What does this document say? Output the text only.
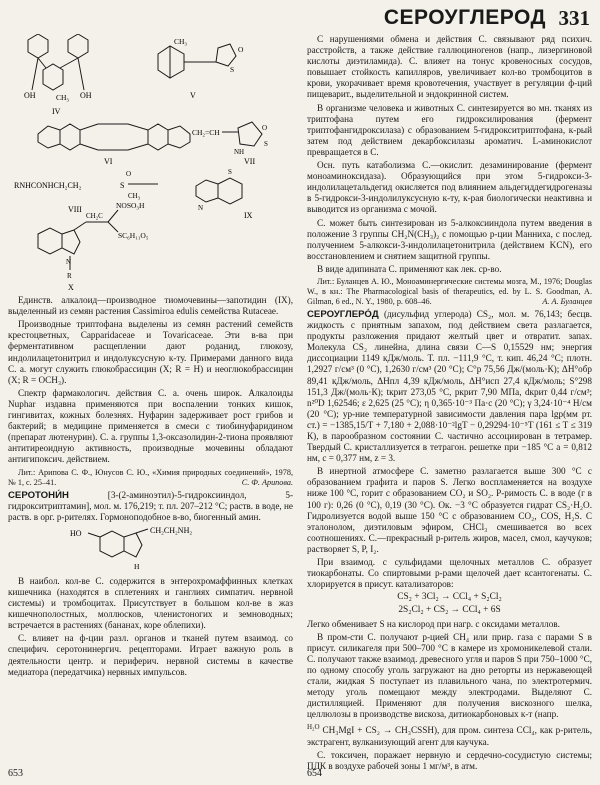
СЕРОУГЛЕРОД 331
OH	OH
CH₃
IV
CH₃
S
O
V
VI
CH₂=CH
NH
O
S
VII
RNHCONHCH₂CH₂	S
O
CH₃
VIII
S
N
IX
NOSO₃H
CH₂C
SC₆H₁₁O₅
N
R
X

Единств. алкалоид—производное тиомочевины—запотидин (IX), выделенный из семян растения Cassimiroa edulis семейства Rutaceae.

Производные триптофана выделены из семян растений семейств крестоцветных, Capparidaceae и Tovaricaceae. Эти в-ва при ферментативном расщеплении дают роданид, глюкозу, индолилацетонитрил и индолуксусную к-ту. Примерами данного вида С. а. могут служить глюкобрассицин (X; R = H) и неоглюкобрассицин (X; R = OCH₃).

Спектр фармакологич. действия С. а. очень широк. Алкалоиды Nuphar издавна применяются при воспалении тонких кишок, гингивитах, кожных болезнях. Нуфарин задерживает рост грибов и бактерий; в медицине применяется в смеси с тиобинуфаридином (препарат лютенурин). С. а. группы 1,3-оксазолидин-2-тиона проявляют антитиреоидную активность, производные мочевины обладают антигипоксич. действием.

Лит.: Арипова С. Ф., Юнусов С. Ю., «Химия природных соединений», 1978, № 1, с. 25–41.	С. Ф. Арипова.

СЕРОТОНИ́Н	[3-(2-аминоэтил)-5-гидроксииндол, 5-гидрокситриптамин], мол. м. 176,219; т. пл. 207–212 °С; раств. в воде, не раств. в орг. р-рителях. Гормоноподобное в-во, биогенный амин.

HO	CH₂CH₂NH₂
H

В наибол. кол-ве С. содержится в энтерохромаффинных клетках кишечника (находятся в сплетениях и ганглиях симпатич. нервной системы) и тромбоцитах. Присутствует в большом кол-ве в жаз кишечнополостных, моллюсков, членистоногих и земноводных; встречается в растениях (бананах, коре облепихи).

С. влияет на ф-ции разл. органов и тканей путем взаимод. со специфич. серотонинергич. рецепторами. Играет важную роль в деятельности центр. и периферич. нервной системы в качестве медиатора (передатчика) нервных импульсов.

С нарушениями обмена и действия С. связывают ряд психич. расстройств, а также действие галлюциногенов (напр., лизергиновой кислоты диэтиламида). С. влияет на тонус кровеносных сосудов, повышает стойкость капилляров, увеличивает кол-во тромбоцитов в крови, укорачивает время кровотечения, участвует в регуляции ф-ций пищеварит., выделительной и эндокринной систем.

В организме человека и животных С. синтезируется во мн. тканях из триптофана путем его гидроксилирования (фермент триптофангидроксилаза) с образованием 5-гидрокситриптофана, к-рый затем под действием декарбоксилазы ароматич. L-аминокислот превращается в С.

Осн. путь катаболизма С.—окислит. дезаминирование (фермент моноаминоксидаза). Образующийся при этом 5-гидрокси-3-индолилацетальдегид окисляется под влиянием альдегиддегидрогеназы в 5-гидрокси-3-индолилуксусную к-ту, к-рая биологически неактивна и выводится из организма с мочой.

С. может быть синтезирован из 5-алкоксииндола путем введения в положение 3 группы CH₂N(CH₃)₂ с помощью р-ции Манниха, с послед. получением 5-алкокси-3-индолилацетонитрила (действием KCN), его восстановлением и снятием защитной группы.

В виде адипината С. применяют как лек. ср-во.

Лит.: Буланцев А. Ю., Моноаминергические системы мозга, М., 1976; Douglas W., в кн.: The Pharmacological basis of therapeutics, ed. by L. S. Goodman, A. Gilman, 6 ed., N. Y., 1980, p. 608–46.	А. А. Буланцев

СЕРОУГЛЕРО́Д (дисульфид углерода) CS₂, мол. м. 76,143; бесцв. жидкость с приятным запахом, под действием света разлагается, продукты разложения придают желтый цвет и отвратит. запах. Молекула CS₂ линейна, длина связи С—S 0,15529 нм; энергия диссоциации 1149 кДж/моль. Т. пл. −111,9 °С, т. кип. 46,24 °С; плотн. 1,2927 г/см³ (0 °С), 1,2630 г/см³ (20 °С); C°p 75,56 Дж/(моль·К); ΔH°обр 89,41 кДж/моль, ΔHпл 4,39 кДж/моль, ΔH°исп 27,4 кДж/моль; S°298 151,3 Дж/(моль·К); tкрит 273,05 °С, pкрит 7,90 МПа, dкрит 0,44 г/см³; n²⁰D 1,62546; ε 2,625 (25 °С); η 0,365·10⁻³ Па·с (20 °С); γ 3,24·10⁻⁴ Н/см (20 °С); ур-ние температурной зависимости давления пара lgp(мм рт. ст.) = −1385,15/T + 7,180 + 2,088·10⁻²lgT − 0,29294·10⁻⁵T (161 ≤ T ≤ 319 К), в парообразном состоянии С. частично ассоциирован в тетрамер. Твердый С. кристаллизуется в тетрагон. решетке при −185 °С а = 0,812 нм, с = 0,377 нм, z = 3.

В инертной атмосфере С. заметно разлагается выше 300 °С с образованием графита и паров S. Легко воспламеняется на воздухе ниже 100 °С, горит с образованием CO₂ и SO₂. Р-римость С. в воде (г в 100 г): 0,26 (0 °С), 0,19 (30 °С). Ок. −3 °С образуется гидрат CS₂·H₂O. Гидролизуется водой выше 150 °С с образованием CO₂, COS, H₂S. С эталонолом, диэтиловым эфиром, CHCl₃ смешивается во всех соотношениях. С.—прекрасный р-ритель жиров, масел, смол, каучуков; растворяет S, P, I₂.

При взаимод. с сульфидами щелочных металлов С. образует тиокарбонаты. Со спиртовыми р-рами щелочей дает ксантогенаты. С. хлорируется в присут. катализаторов:

CS₂ + 3Cl₂ → CCl₄ + S₂Cl₂
2S₂Cl₂ + CS₂ → CCl₄ + 6S

Легко обменивает S на кислород при нагр. с оксидами металлов.

В пром-сти С. получают р-цией CH₄ или прир. газа с парами S в присут. силикагеля при 500–700 °С в камере из хромоникелевой стали. С. получают также взаимод. древесного угля и паров S при 750–1000 °С, по одному способу уголь загружают на дно реторты из нержавеющей стали, жидкая S поступает из плавильного чана, по электротермич. методу уголь помещают между электродами. Выделяют С. дистилляцией. Применяют для получения вискозного шелка, целлюлозы в производстве вискоза, дитиокарбоновых к-т (напр.

$^{H_2O}$ CH₃MgI + CS₂ → CH₃CSSH), для пром. синтеза CCl₄, как р-ритель, экстрагент, вулканизующий агент для каучука.

С. токсичен, поражает нервную и сердечно-сосудистую системы; ПДК в воздухе рабочей зоны 1 мг/м³, в атм.

653	654
